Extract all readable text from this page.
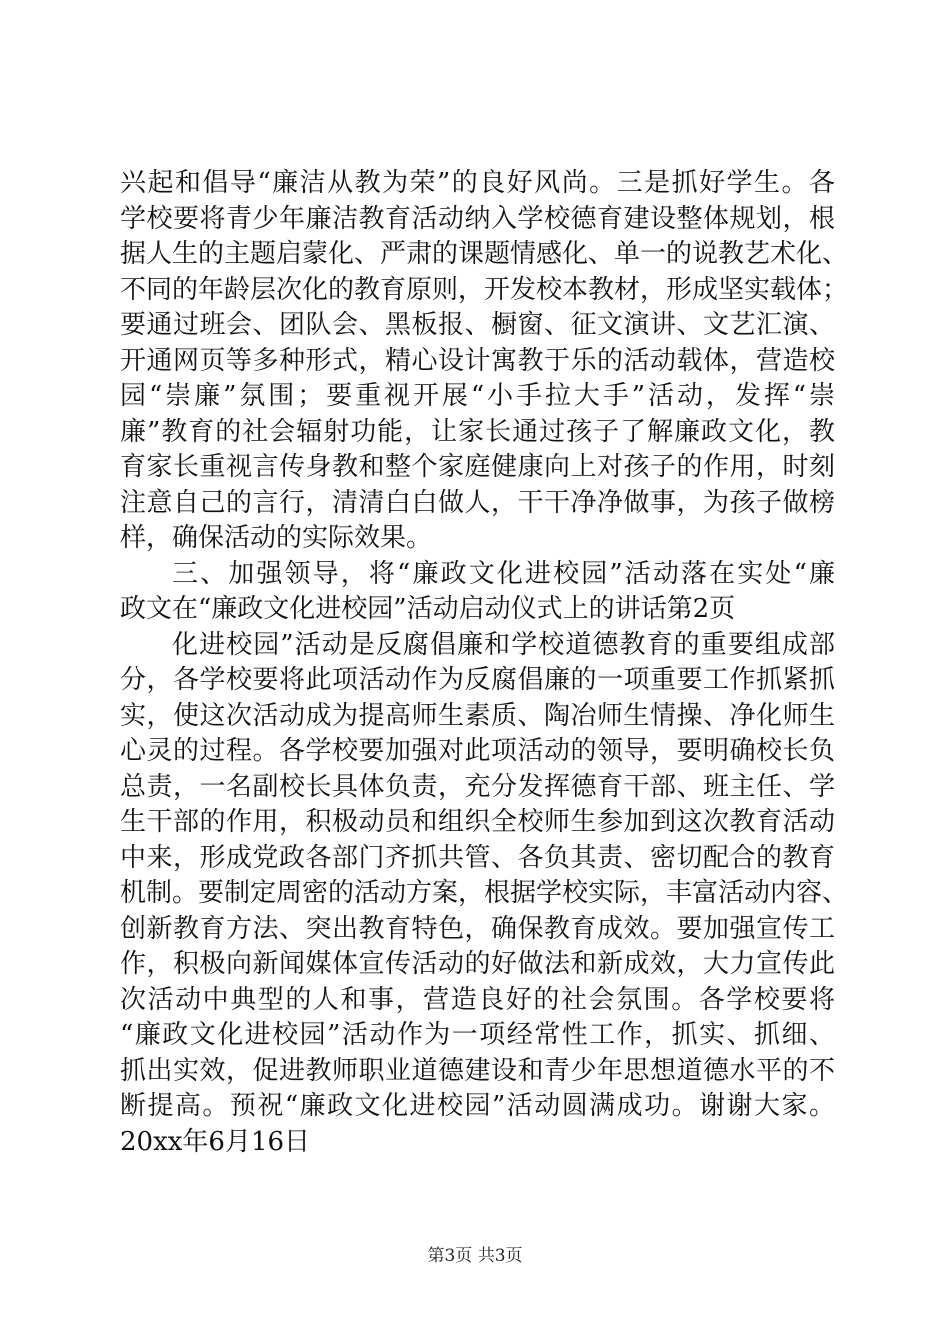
兴起和倡导“廉洁从教为荣”的良好风尚。三是抓好学生。各
学校要将青少年廉洁教育活动纳入学校德育建设整体规划，根
据人生的主题启蒙化、严肃的课题情感化、单一的说教艺术化、
不同的年龄层次化的教育原则，开发校本教材，形成坚实载体；
要通过班会、团队会、黑板报、橱窗、征文演讲、文艺汇演、
开通网页等多种形式，精心设计寓教于乐的活动载体，营造校
园“崇廉”氛围；要重视开展“小手拉大手”活动，发挥“崇
廉”教育的社会辐射功能，让家长通过孩子了解廉政文化，教
育家长重视言传身教和整个家庭健康向上对孩子的作用，时刻
注意自己的言行，清清白白做人，干干净净做事，为孩子做榜
样，确保活动的实际效果。
三、加强领导，将“廉政文化进校园”活动落在实处“廉
政文在“廉政文化进校园”活动启动仪式上的讲话第2页
化进校园”活动是反腐倡廉和学校道德教育的重要组成部
分，各学校要将此项活动作为反腐倡廉的一项重要工作抓紧抓
实，使这次活动成为提高师生素质、陶冶师生情操、净化师生
心灵的过程。各学校要加强对此项活动的领导，要明确校长负
总责，一名副校长具体负责，充分发挥德育干部、班主任、学
生干部的作用，积极动员和组织全校师生参加到这次教育活动
中来，形成党政各部门齐抓共管、各负其责、密切配合的教育
机制。要制定周密的活动方案，根据学校实际，丰富活动内容、
创新教育方法、突出教育特色，确保教育成效。要加强宣传工
作，积极向新闻媒体宣传活动的好做法和新成效，大力宣传此
次活动中典型的人和事，营造良好的社会氛围。各学校要将
“廉政文化进校园”活动作为一项经常性工作，抓实、抓细、
抓出实效，促进教师职业道德建设和青少年思想道德水平的不
断提高。预祝“廉政文化进校园”活动圆满成功。谢谢大家。
20xx年6月16日
第3页 共3页
